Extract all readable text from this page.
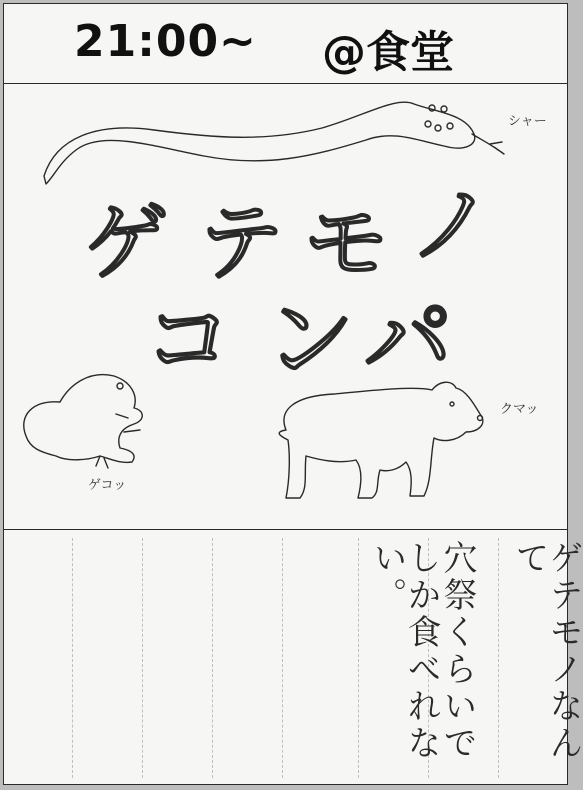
21:00~ @食堂
ゲ テ モ ノ
コ ン パ
シャー
ゲコッ
クマッ
ゲテモノなんて
穴祭くらいで
しか食べれない。
